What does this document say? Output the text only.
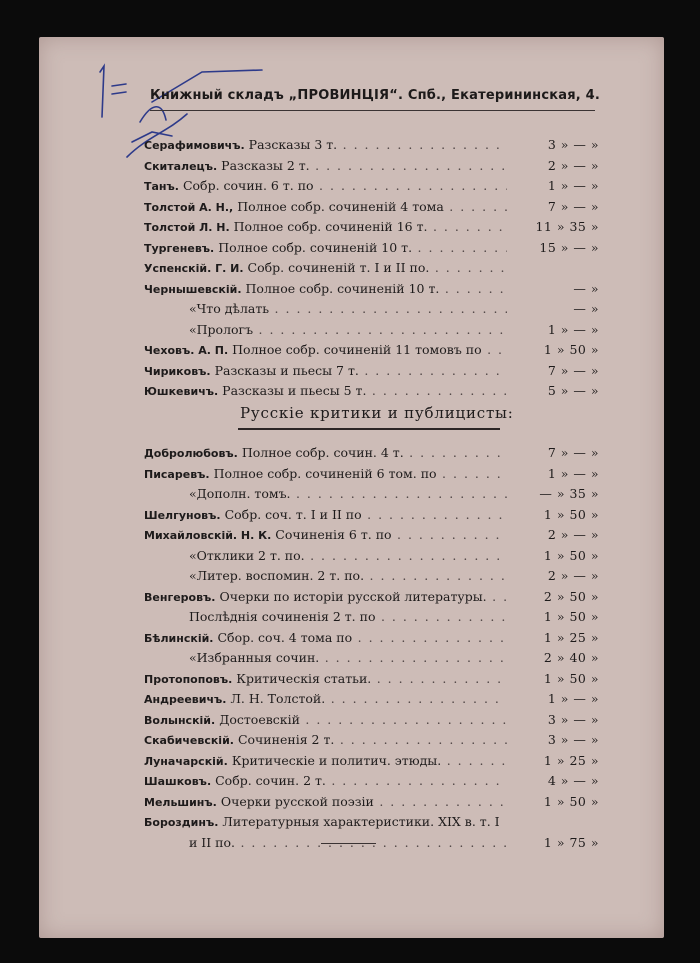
Книжный складъ „ПРОВИНЦІЯ“. Спб., Екатерининская, 4.
Серафимовичъ. Разсказы 3 т. . . .	3 » — »
Скиталецъ. Разсказы 2 т. . . .	2 » — »
Танъ. Собр. сочин. 6 т. по . . .	1 » — »
Толстой А. Н., Полное собр. сочиненій 4 тома . . .	7 » — »
Толстой Л. Н. Полное собр. сочиненій 16 т. . . .	11 » 35 »
Тургеневъ. Полное собр. сочиненій 10 т. . . .	15 » — »
Успенскій. Г. И. Собр. сочиненій т. I и II по. . . .
Чернышевскій. Полное собр. сочиненій 10 т. . . .	— »
«Что дѣлать . . .	— »
«Прологъ . . .	1 » — »
Чеховъ. А. П. Полное собр. сочиненій 11 томовъ по . . .	1 » 50 »
Чириковъ. Разсказы и пьесы 7 т. . . .	7 » — »
Юшкевичъ. Разсказы и пьесы 5 т. . . .	5 » — »
Русскіе критики и публицисты:
Добролюбовъ. Полное собр. сочин. 4 т. . . .	7 » — »
Писаревъ. Полное собр. сочиненій 6 том. по . . .	1 » — »
«Дополн. томъ. . . .	— » 35 »
Шелгуновъ. Собр. соч. т. I и II по . . .	1 » 50 »
Михайловскій. Н. К. Сочиненія 6 т. по . . .	2 » — »
«Отклики 2 т. по. . . .	1 » 50 »
«Литер. воспомин. 2 т. по. . . .	2 » — »
Венгеровъ. Очерки по исторіи русской литературы. . . .	2 » 50 »
Послѣднія сочиненія 2 т. по . . .	1 » 50 »
Бѣлинскій. Сбор. соч. 4 тома по . . .	1 » 25 »
«Избранныя сочин. . . .	2 » 40 »
Протопоповъ. Критическія статьи. . . .	1 » 50 »
Андреевичъ. Л. Н. Толстой. . . .	1 » — »
Волынскій. Достоевскій . . .	3 » — »
Скабичевскій. Сочиненія 2 т. . . .	3 » — »
Луначарскій. Критическіе и политич. этюды. . . .	1 » 25 »
Шашковъ. Собр. сочин. 2 т. . . .	4 » — »
Мельшинъ. Очерки русской поэзіи . . .	1 » 50 »
Бороздинъ. Литературныя характеристики. XIX в. т. I
и II по. . . .	1 » 75 »
